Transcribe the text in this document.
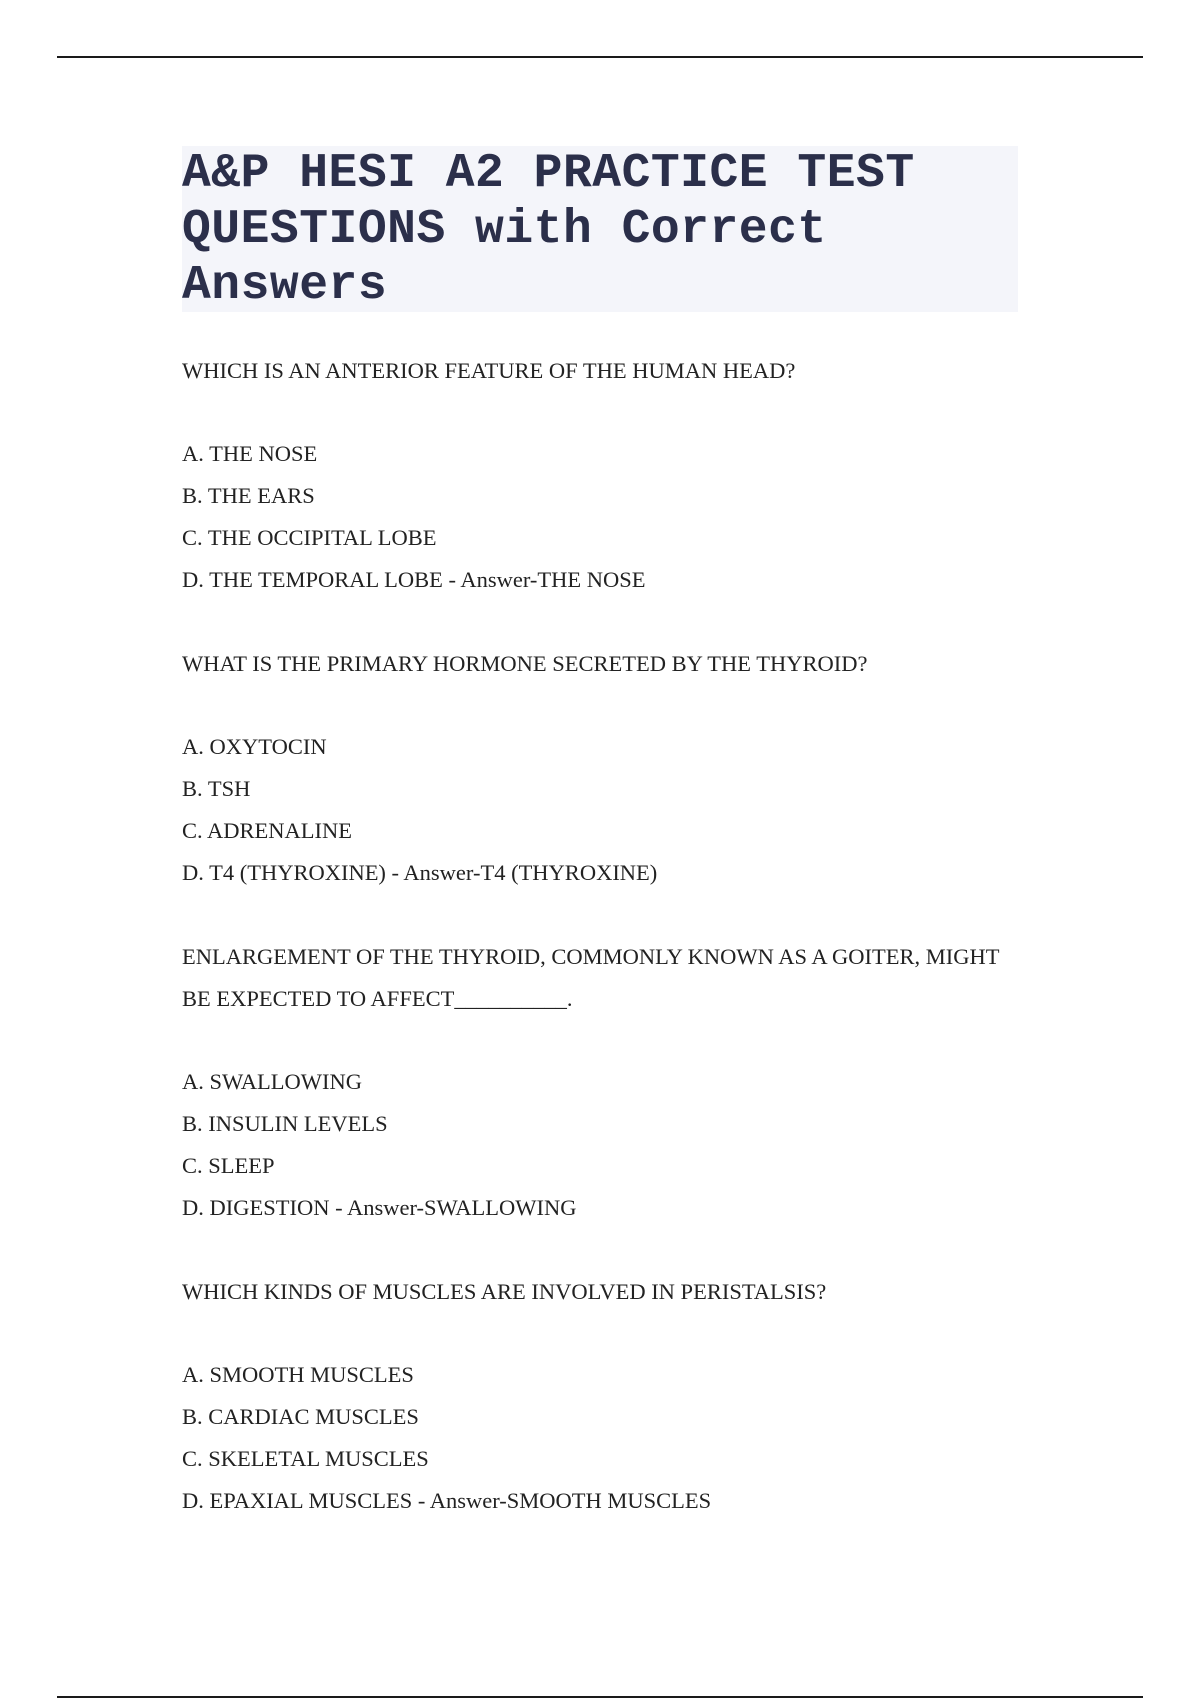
A&P HESI A2 PRACTICE TEST
QUESTIONS with Correct
Answers

WHICH IS AN ANTERIOR FEATURE OF THE HUMAN HEAD?

A. THE NOSE

B. THE EARS

C. THE OCCIPITAL LOBE

D. THE TEMPORAL LOBE - Answer-THE NOSE

WHAT IS THE PRIMARY HORMONE SECRETED BY THE THYROID?

A. OXYTOCIN

B. TSH

C. ADRENALINE

D. T4 (THYROXINE) - Answer-T4 (THYROXINE)

ENLARGEMENT OF THE THYROID, COMMONLY KNOWN AS A GOITER, MIGHT BE EXPECTED TO AFFECT__________.

A. SWALLOWING

B. INSULIN LEVELS

C. SLEEP

D. DIGESTION - Answer-SWALLOWING

WHICH KINDS OF MUSCLES ARE INVOLVED IN PERISTALSIS?

A. SMOOTH MUSCLES

B. CARDIAC MUSCLES

C. SKELETAL MUSCLES

D. EPAXIAL MUSCLES - Answer-SMOOTH MUSCLES
